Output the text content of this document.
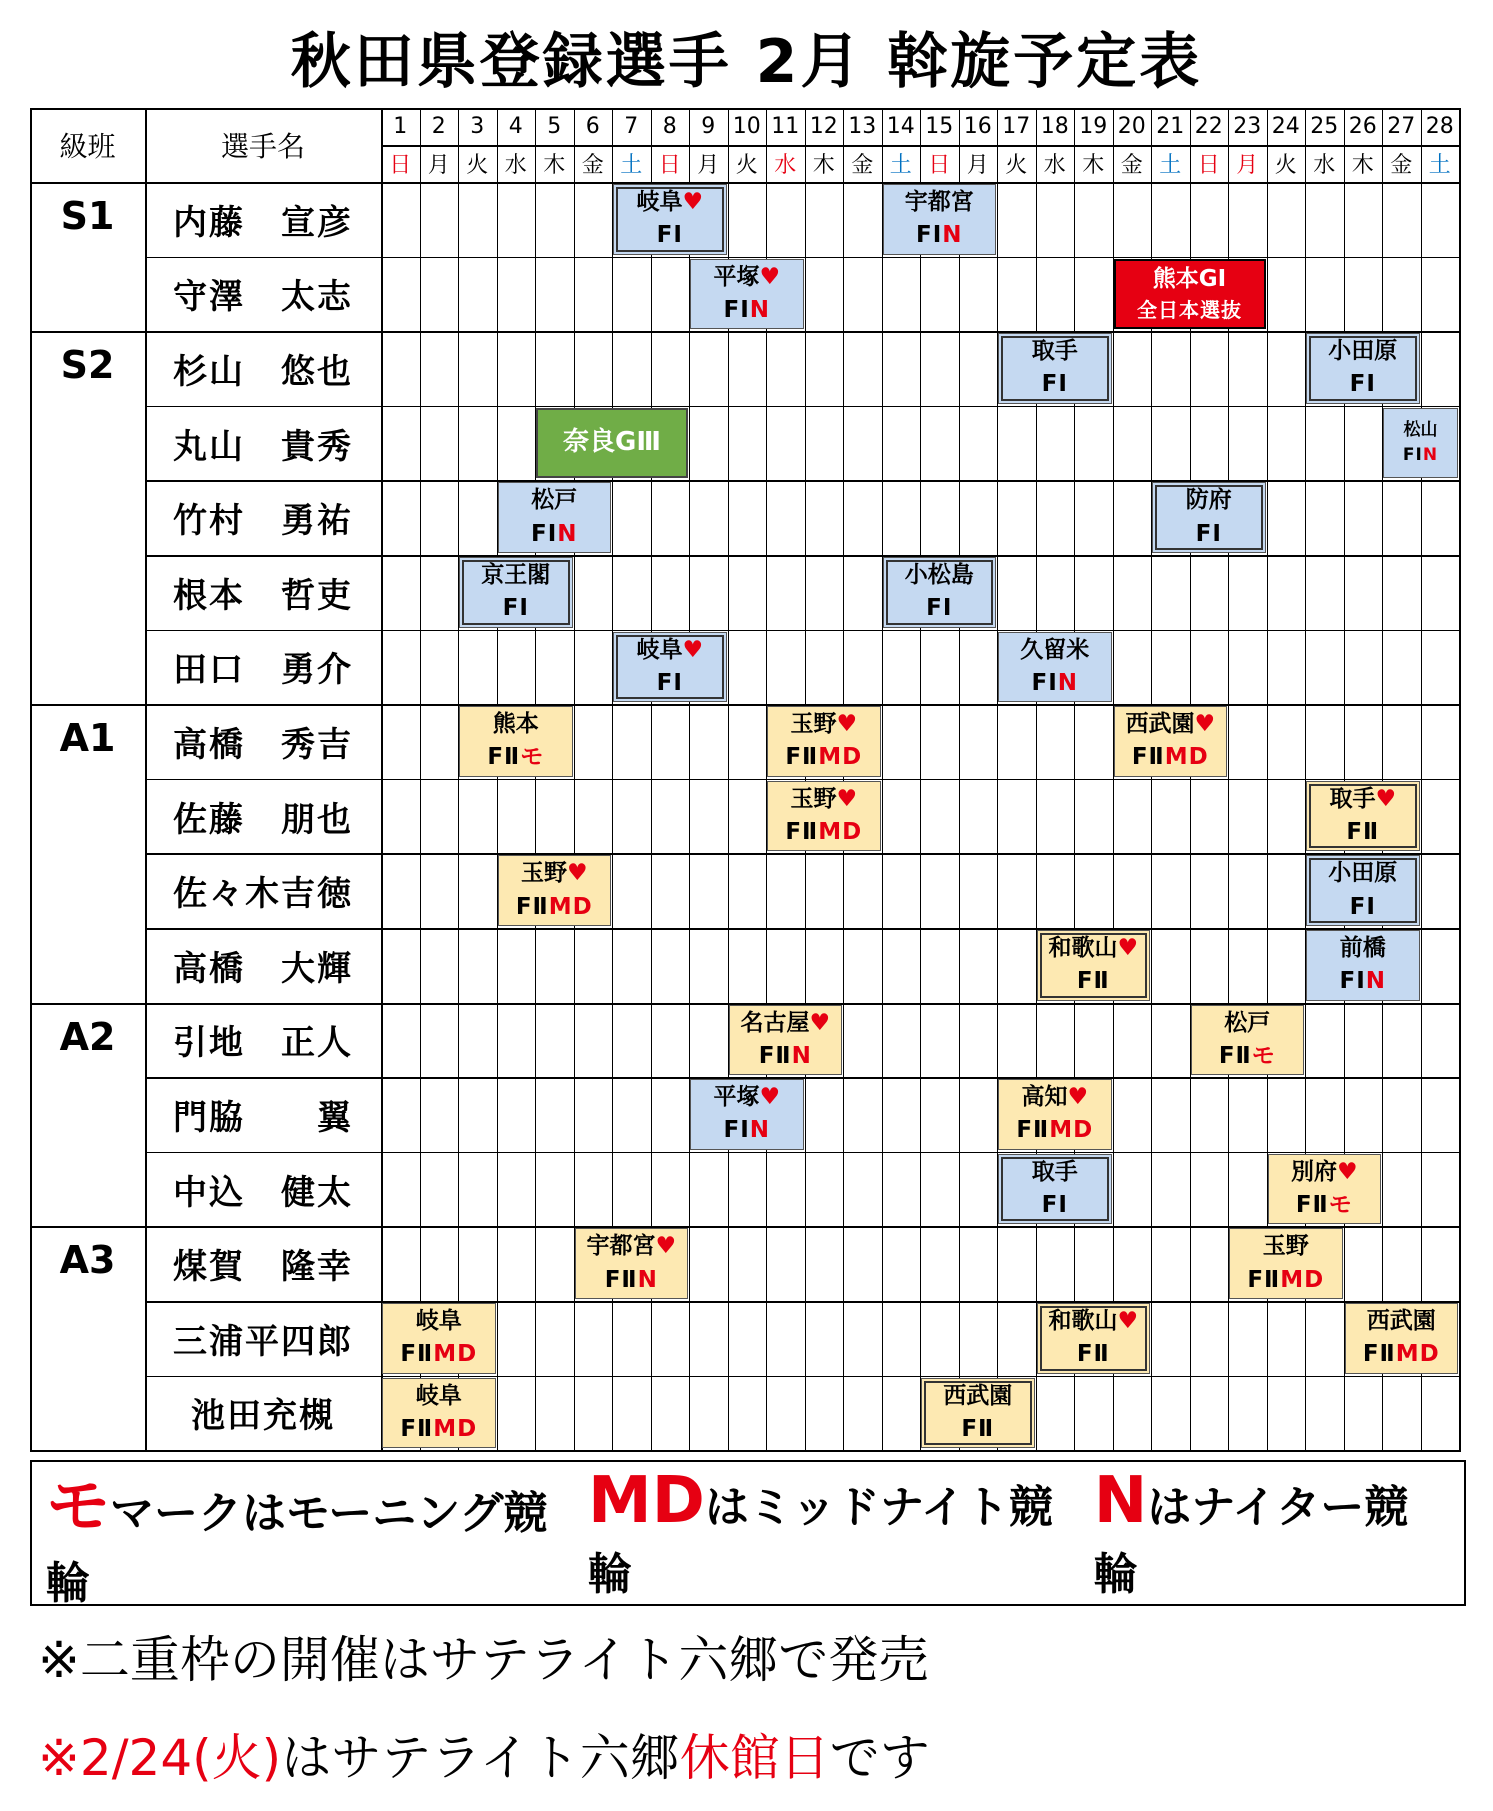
秋田県登録選手 2月 斡旋予定表
級班	選手名
1
日
2
月
3
火
4
水
5
木
6
金
7
土
8
日
9
月
10
火
11
水
12
木
13
金
14
土
15
日
16
月
17
火
18
水
19
木
20
金
21
土
22
日
23
月
24
火
25
水
26
木
27
金
28
土
S1
S2
A1
A2
A3
内藤　宣彦
守澤　太志
杉山　悠也
丸山　貴秀
竹村　勇祐
根本　哲吏
田口　勇介
高橋　秀吉
佐藤　朋也
佐々木吉徳
高橋　大輝
引地　正人
門脇　　翼
中込　健太
煤賀　隆幸
三浦平四郎
池田充槻
岐阜♥
FⅠ
宇都宮
FⅠN
平塚♥
FⅠN
熊本GⅠ
全日本選抜
取手
FⅠ
小田原
FⅠ
奈良GⅢ	松山
FⅠN
松戸
FⅠN
防府
FⅠ
京王閣
FⅠ
小松島
FⅠ
岐阜♥
FⅠ
久留米
FⅠN
熊本
FⅡモ
玉野♥
FⅡMD
西武園♥
FⅡMD
玉野♥
FⅡMD
取手♥
FⅡ
玉野♥
FⅡMD
小田原
FⅠ
和歌山♥
FⅡ
前橋
FⅠN
名古屋♥
FⅡN
松戸
FⅡモ
平塚♥
FⅠN
高知♥
FⅡMD
取手
FⅠ
別府♥
FⅡモ
宇都宮♥
FⅡN
玉野
FⅡMD
岐阜
FⅡMD
和歌山♥
FⅡ
西武園
FⅡMD
岐阜
FⅡMD
西武園
FⅡ
モマークはモーニング競輪
MDはミッドナイト競輪
Nはナイター競輪
※二重枠の開催はサテライト六郷で発売
※2/24(火)はサテライト六郷休館日です
